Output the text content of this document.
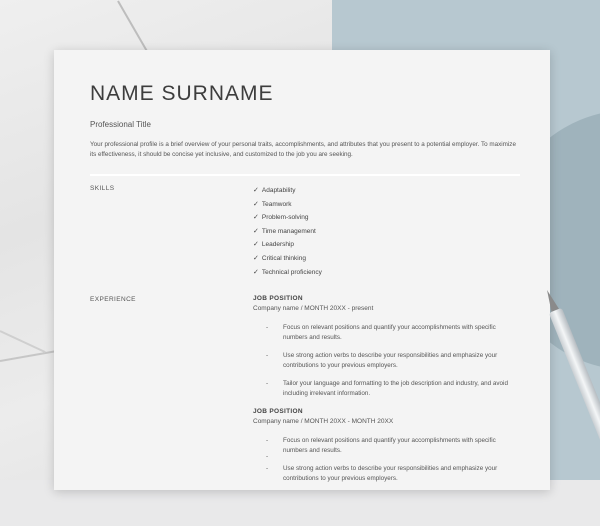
NAME SURNAME
Professional Title
Your professional profile is a brief overview of your personal traits, accomplishments, and attributes that you present to a potential employer. To maximize its effectiveness, it should be concise yet inclusive, and customized to the job you are seeking.
SKILLS	✓ Adaptability
✓ Teamwork
✓ Problem-solving
✓ Time management
✓ Leadership
✓ Critical thinking
✓ Technical proficiency
EXPERIENCE	JOB POSITION
Company name / MONTH 20XX - present
- Focus on relevant positions and quantify your accomplishments with specific numbers and results.
- Use strong action verbs to describe your responsibilities and emphasize your contributions to your previous employers.
- Tailor your language and formatting to the job description and industry, and avoid including irrelevant information.
JOB POSITION
Company name / MONTH 20XX - MONTH 20XX
- Focus on relevant positions and quantify your accomplishments with specific numbers and results.
-
- Use strong action verbs to describe your responsibilities and emphasize your contributions to your previous employers.
